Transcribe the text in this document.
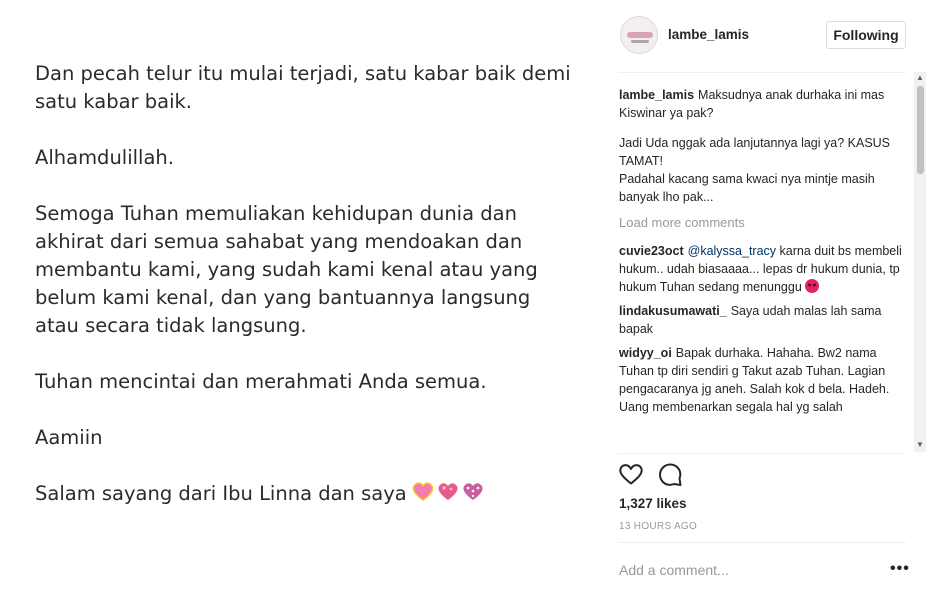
Dan pecah telur itu mulai terjadi, satu kabar baik demi satu kabar baik.

Alhamdulillah.

Semoga Tuhan memuliakan kehidupan dunia dan akhirat dari semua sahabat yang mendoakan dan membantu kami, yang sudah kami kenal atau yang belum kami kenal, dan yang bantuannya langsung atau secara tidak langsung.

Tuhan mencintai dan merahmati Anda semua.

Aamiin

Salam sayang dari Ibu Linna dan saya

lambe_lamis	Following
lambe_lamis Maksudnya anak durhaka ini mas Kiswinar ya pak?
Jadi Uda nggak ada lanjutannya lagi ya? KASUS TAMAT!
Padahal kacang sama kwaci nya mintje masih banyak lho pak...
Load more comments
cuvie23oct @kalyssa_tracy karna duit bs membeli hukum.. udah biasaaaa... lepas dr hukum dunia, tp hukum Tuhan sedang menunggu
lindakusumawati_ Saya udah malas lah sama bapak
widyy_oi Bapak durhaka. Hahaha. Bw2 nama Tuhan tp diri sendiri g Takut azab Tuhan. Lagian pengacaranya jg aneh. Salah kok d bela. Hadeh. Uang membenarkan segala hal yg salah
▲
▼
1,327 likes
13 HOURS AGO
Add a comment...
•••
